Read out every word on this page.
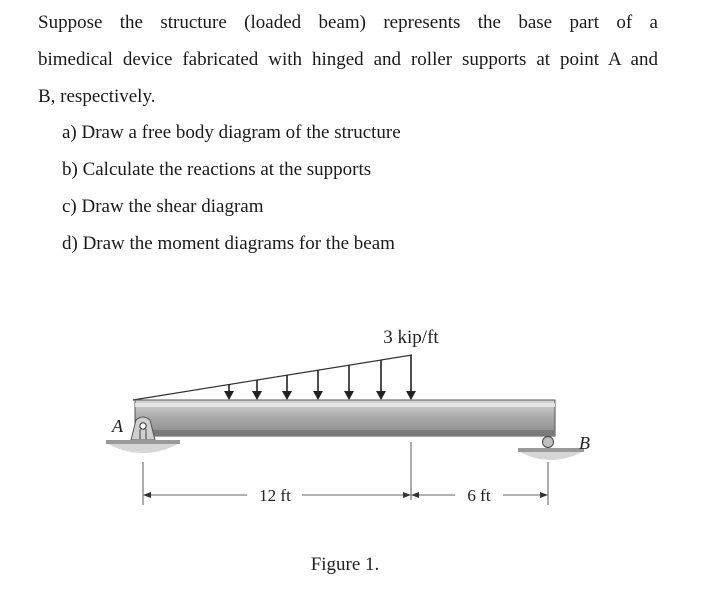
Suppose the structure (loaded beam) represents the base part of a
bimedical device fabricated with hinged and roller supports at point A and
B, respectively.
a) Draw a free body diagram of the structure
b) Calculate the reactions at the supports
c) Draw the shear diagram
d) Draw the moment diagrams for the beam
3 kip/ft
A
B
12 ft	6 ft
Figure 1.
